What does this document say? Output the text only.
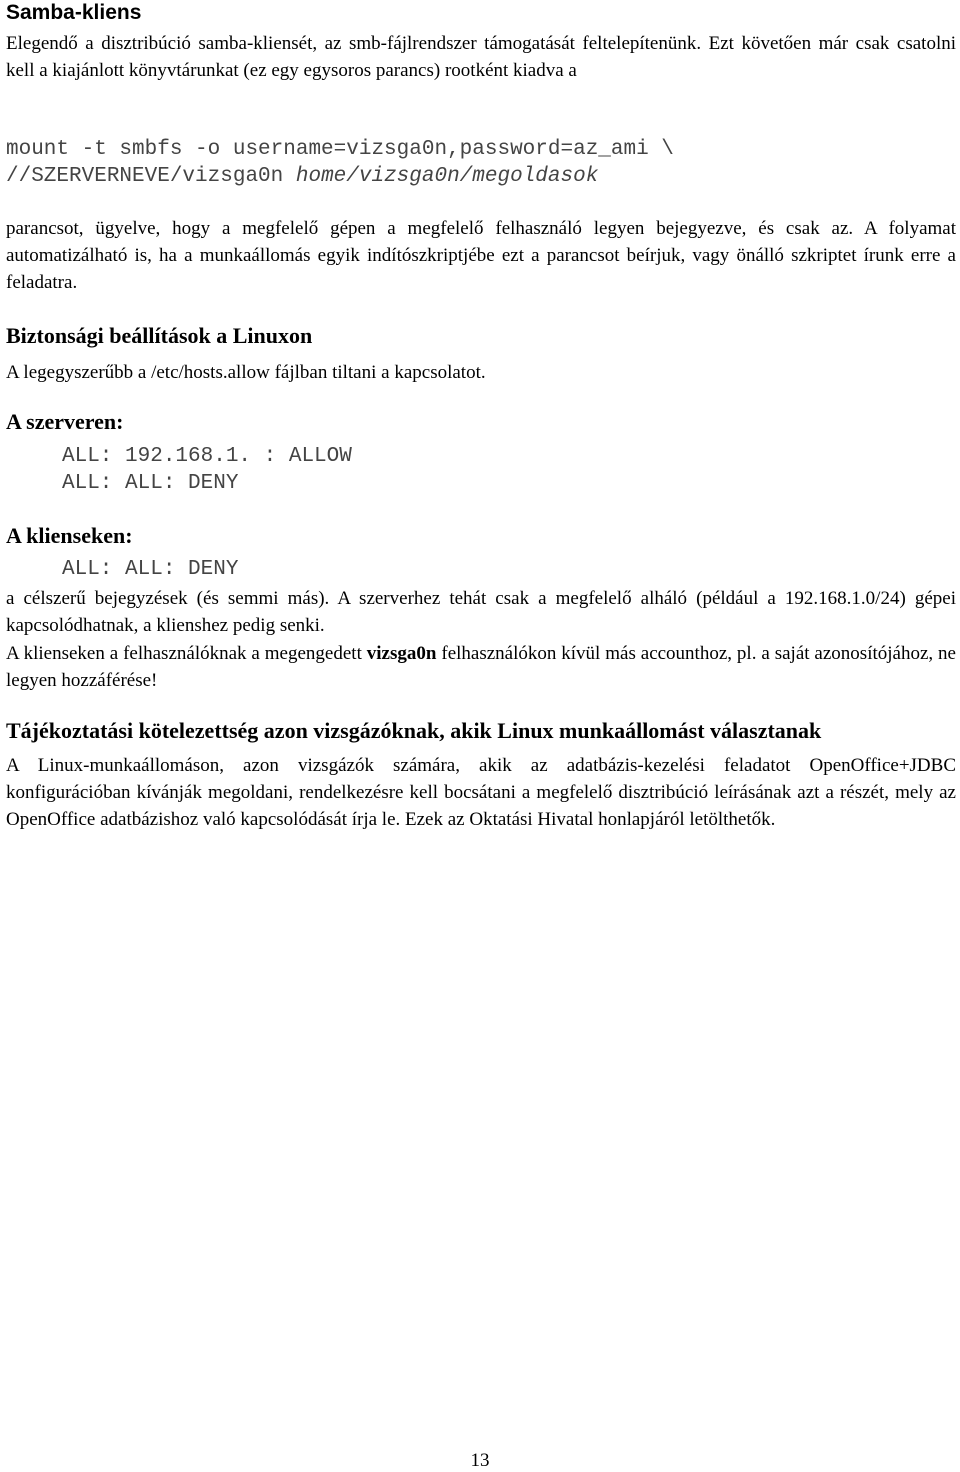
Samba-kliens

Elegendő a disztribúció samba-kliensét, az smb-fájlrendszer támogatását feltelepítenünk. Ezt követően már csak csatolni kell a kiajánlott könyvtárunkat (ez egy egysoros parancs) rootként kiadva a

mount -t smbfs -o username=vizsga0n,password=az_ami \
//SZERVERNEVE/vizsga0n home/vizsga0n/megoldasok

parancsot, ügyelve, hogy a megfelelő gépen a megfelelő felhasználó legyen bejegyezve, és csak az. A folyamat automatizálható is, ha a munkaállomás egyik indítószkriptjébe ezt a parancsot beírjuk, vagy önálló szkriptet írunk erre a feladatra.

Biztonsági beállítások a Linuxon

A legegyszerűbb a /etc/hosts.allow fájlban tiltani a kapcsolatot.

A szerveren:
ALL: 192.168.1. : ALLOW
ALL: ALL: DENY
A klienseken:
ALL: ALL: DENY

a célszerű bejegyzések (és semmi más). A szerverhez tehát csak a megfelelő alháló (például a 192.168.1.0/24) gépei kapcsolódhatnak, a klienshez pedig senki.

A klienseken a felhasználóknak a megengedett vizsga0n felhasználókon kívül más accounthoz, pl. a saját azonosítójához, ne legyen hozzáférése!

Tájékoztatási kötelezettség azon vizsgázóknak, akik Linux munkaállomást választanak

A Linux-munkaállomáson, azon vizsgázók számára, akik az adatbázis-kezelési feladatot OpenOffice+JDBC konfigurációban kívánják megoldani, rendelkezésre kell bocsátani a megfelelő disztribúció leírásának azt a részét, mely az OpenOffice adatbázishoz való kapcsolódását írja le. Ezek az Oktatási Hivatal honlapjáról letölthetők.

13
